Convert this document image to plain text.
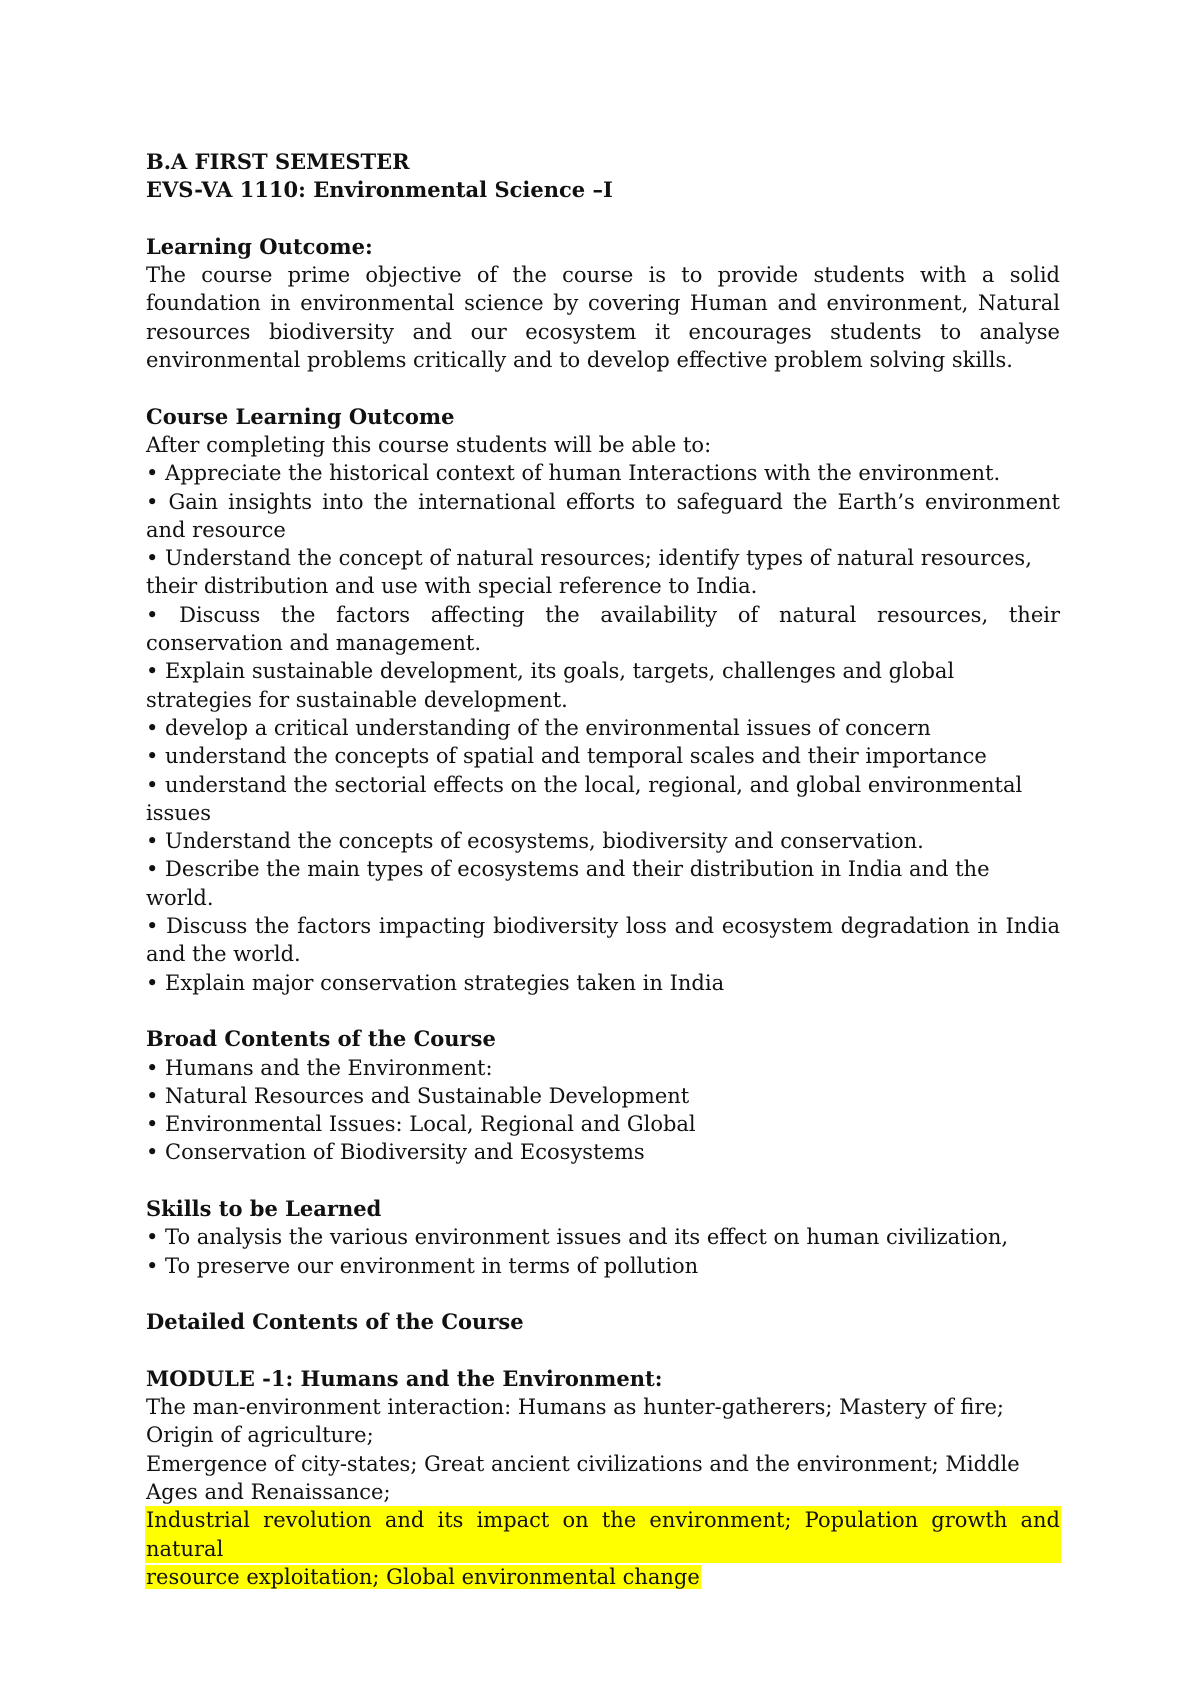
B.A FIRST SEMESTER

EVS-VA 1110: Environmental Science –I

Learning Outcome:

The course prime objective of the course is to provide students with a solid foundation in environmental science by covering Human and environment, Natural resources biodiversity and our ecosystem it encourages students to analyse environmental problems critically and to develop effective problem solving skills.

Course Learning Outcome

After completing this course students will be able to:

• Appreciate the historical context of human Interactions with the environment.

• Gain insights into the international efforts to safeguard the Earth’s environment and resource

• Understand the concept of natural resources; identify types of natural resources, their distribution and use with special reference to India.

• Discuss the factors affecting the availability of natural resources, their conservation and management.

• Explain sustainable development, its goals, targets, challenges and global strategies for sustainable development.

• develop a critical understanding of the environmental issues of concern

• understand the concepts of spatial and temporal scales and their importance

• understand the sectorial effects on the local, regional, and global environmental issues

• Understand the concepts of ecosystems, biodiversity and conservation.

• Describe the main types of ecosystems and their distribution in India and the world.

• Discuss the factors impacting biodiversity loss and ecosystem degradation in India and the world.

• Explain major conservation strategies taken in India

Broad Contents of the Course

• Humans and the Environment:

• Natural Resources and Sustainable Development

• Environmental Issues: Local, Regional and Global

• Conservation of Biodiversity and Ecosystems

Skills to be Learned

• To analysis the various environment issues and its effect on human civilization,

• To preserve our environment in terms of pollution

Detailed Contents of the Course

MODULE -1: Humans and the Environment:

The man-environment interaction: Humans as hunter-gatherers; Mastery of fire; Origin of agriculture;

Emergence of city-states; Great ancient civilizations and the environment; Middle Ages and Renaissance;

Industrial revolution and its impact on the environment; Population growth and natural
resource exploitation; Global environmental change
